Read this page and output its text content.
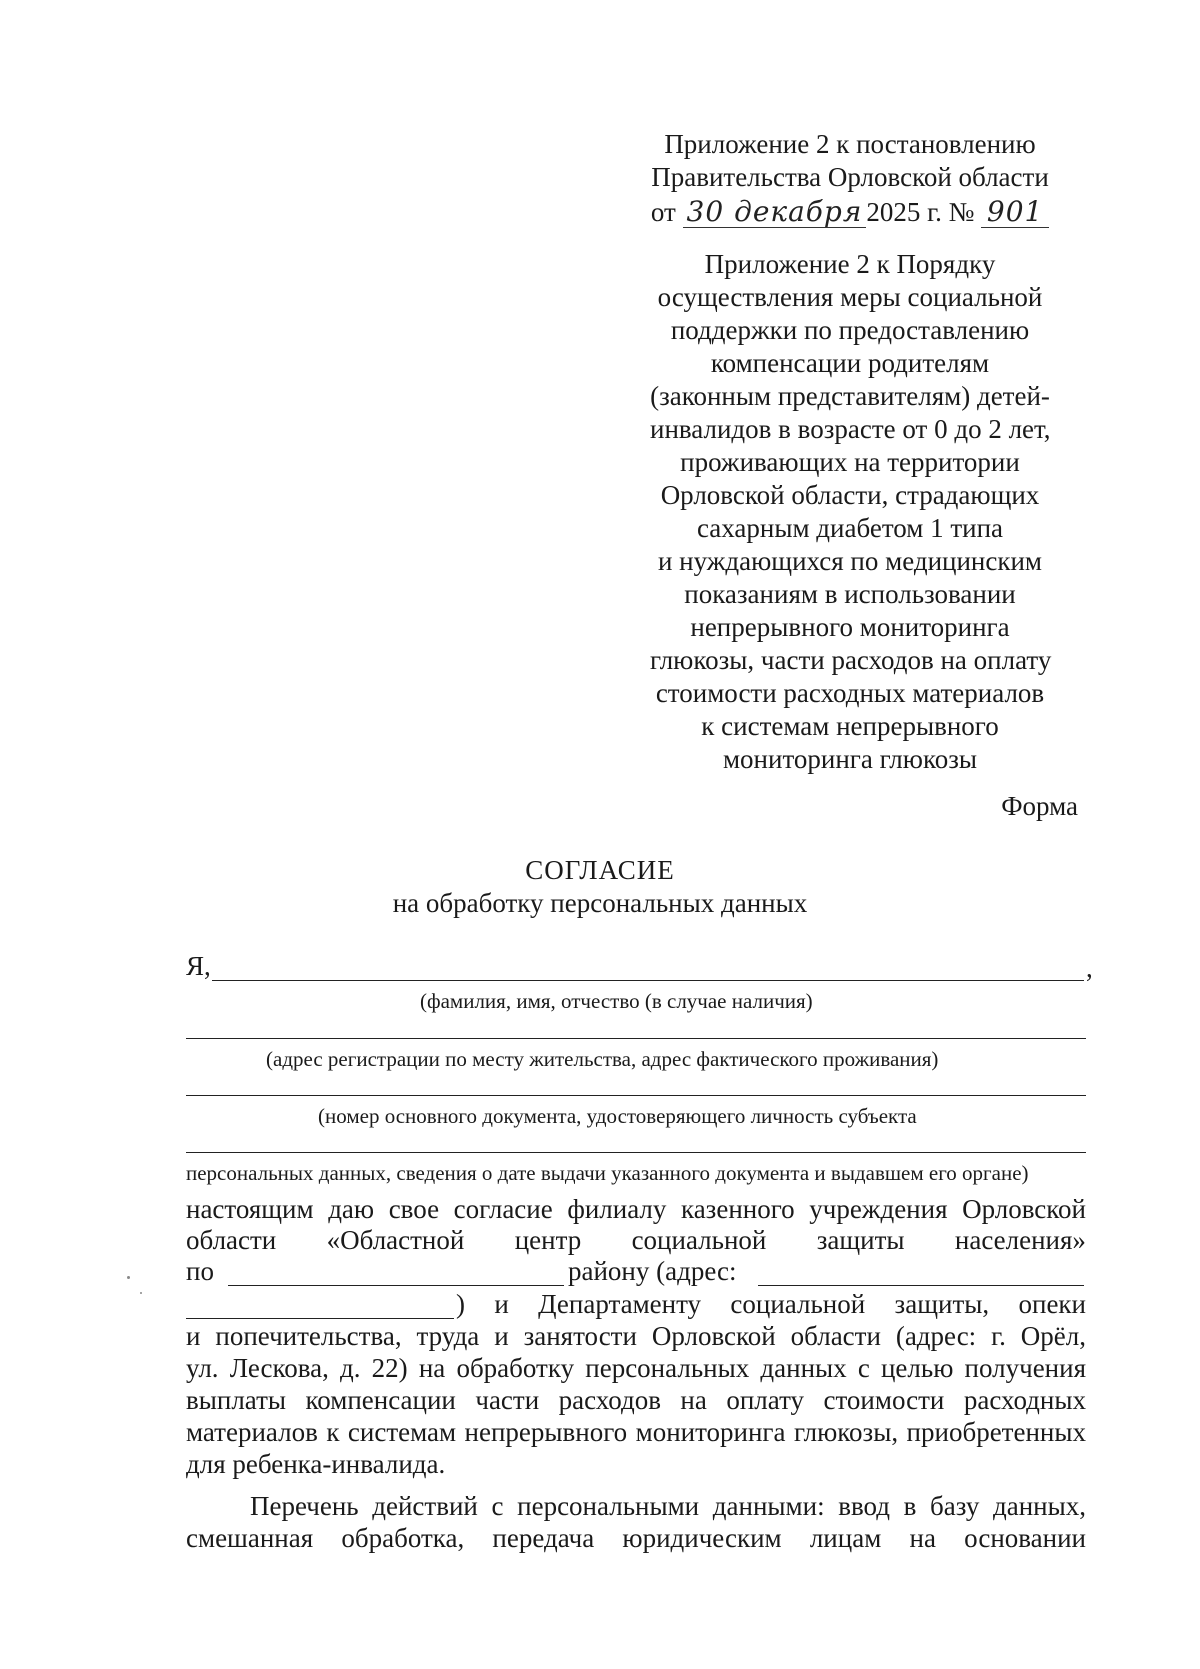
Приложение 2 к постановлению
Правительства Орловской области
от 30 декабря 2025 г. № 901
Приложение 2 к Порядку
осуществления меры социальной
поддержки по предоставлению
компенсации родителям
(законным представителям) детей-
инвалидов в возрасте от 0 до 2 лет,
проживающих на территории
Орловской области, страдающих
сахарным диабетом 1 типа
и нуждающихся по медицинским
показаниям в использовании
непрерывного мониторинга
глюкозы, части расходов на оплату
стоимости расходных материалов
к системам непрерывного
мониторинга глюкозы
Форма
СОГЛАСИЕ
на обработку персональных данных
Я,	,
(фамилия, имя, отчество (в случае наличия)
(адрес регистрации по месту жительства, адрес фактического проживания)
(номер основного документа, удостоверяющего личность субъекта
персональных данных, сведения о дате выдачи указанного документа и выдавшем его органе)
настоящим даю свое согласие филиалу казенного учреждения Орловской
области «Областной центр социальной защиты населения»
по	району (адрес:
) и Департаменту социальной защиты, опеки
и попечительства, труда и занятости Орловской области (адрес: г. Орёл,
ул. Лескова, д. 22) на обработку персональных данных с целью получения
выплаты компенсации части расходов на оплату стоимости расходных
материалов к системам непрерывного мониторинга глюкозы, приобретенных
для ребенка-инвалида.
Перечень действий с персональными данными: ввод в базу данных,
смешанная обработка, передача юридическим лицам на основании
